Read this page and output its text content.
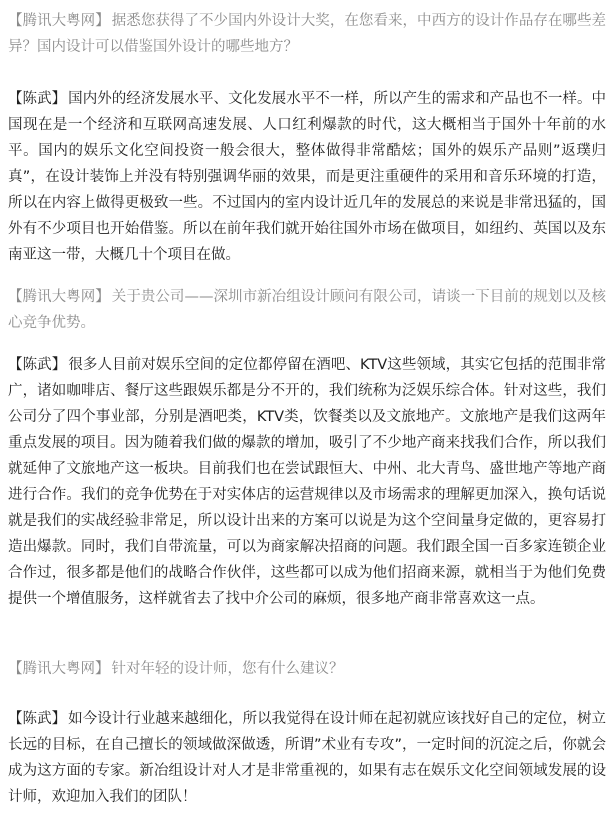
【腾讯大粤网】 据悉您获得了不少国内外设计大奖，在您看来，中西方的设计作品存在哪些差异？国内设计可以借鉴国外设计的哪些地方？

【陈武】 国内外的经济发展水平、文化发展水平不一样，所以产生的需求和产品也不一样。中国现在是一个经济和互联网高速发展、人口红利爆款的时代，这大概相当于国外十年前的水平。国内的娱乐文化空间投资一般会很大，整体做得非常酷炫；国外的娱乐产品则”返璞归真”，在设计装饰上并没有特别强调华丽的效果，而是更注重硬件的采用和音乐环境的打造，所以在内容上做得更极致一些。不过国内的室内设计近几年的发展总的来说是非常迅猛的，国外有不少项目也开始借鉴。所以在前年我们就开始往国外市场在做项目，如纽约、英国以及东南亚这一带，大概几十个项目在做。

【腾讯大粤网】 关于贵公司——深圳市新冶组设计顾问有限公司，请谈一下目前的规划以及核心竞争优势。

【陈武】 很多人目前对娱乐空间的定位都停留在酒吧、KTV这些领域，其实它包括的范围非常广，诸如咖啡店、餐厅这些跟娱乐都是分不开的，我们统称为泛娱乐综合体。针对这些，我们公司分了四个事业部，分别是酒吧类，KTV类，饮餐类以及文旅地产。文旅地产是我们这两年重点发展的项目。因为随着我们做的爆款的增加，吸引了不少地产商来找我们合作，所以我们就延伸了文旅地产这一板块。目前我们也在尝试跟恒大、中州、北大青鸟、盛世地产等地产商进行合作。我们的竞争优势在于对实体店的运营规律以及市场需求的理解更加深入，换句话说就是我们的实战经验非常足，所以设计出来的方案可以说是为这个空间量身定做的，更容易打造出爆款。同时，我们自带流量，可以为商家解决招商的问题。我们跟全国一百多家连锁企业合作过，很多都是他们的战略合作伙伴，这些都可以成为他们招商来源，就相当于为他们免费提供一个增值服务，这样就省去了找中介公司的麻烦，很多地产商非常喜欢这一点。

【腾讯大粤网】 针对年轻的设计师，您有什么建议？

【陈武】 如今设计行业越来越细化，所以我觉得在设计师在起初就应该找好自己的定位，树立长远的目标，在自己擅长的领域做深做透，所谓”术业有专攻”，一定时间的沉淀之后，你就会成为这方面的专家。新冶组设计对人才是非常重视的，如果有志在娱乐文化空间领域发展的设计师，欢迎加入我们的团队！
